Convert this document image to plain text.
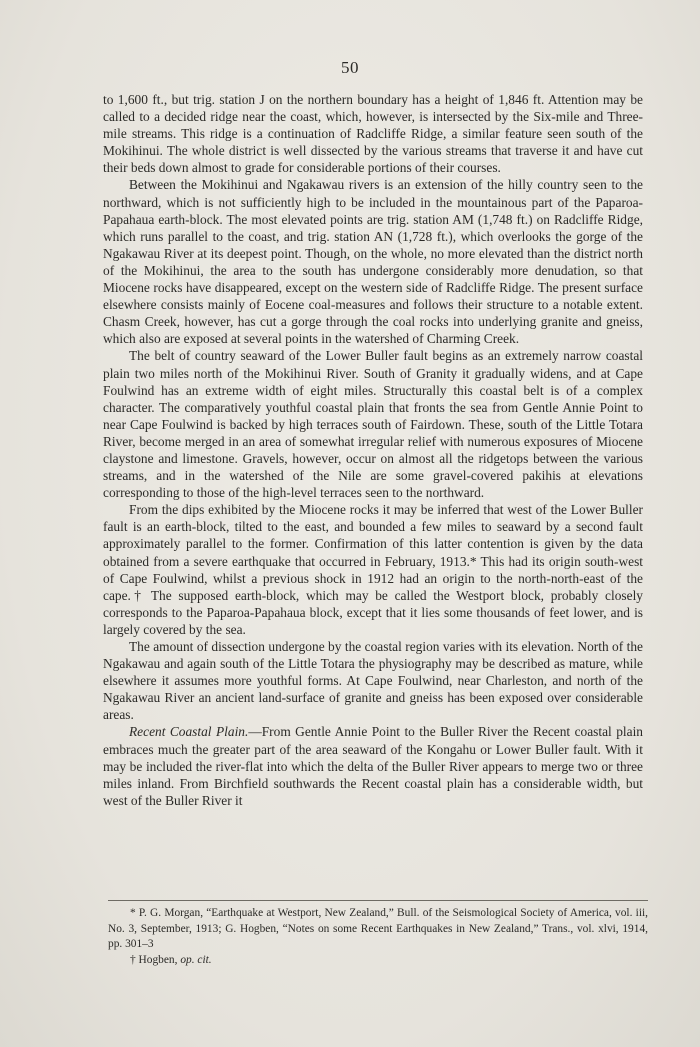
50

to 1,600 ft., but trig. station J on the northern boundary has a height of 1,846 ft. Attention may be called to a decided ridge near the coast, which, however, is intersected by the Six-mile and Three-mile streams. This ridge is a continuation of Radcliffe Ridge, a similar feature seen south of the Mokihinui. The whole district is well dissected by the various streams that traverse it and have cut their beds down almost to grade for considerable portions of their courses.

Between the Mokihinui and Ngakawau rivers is an extension of the hilly country seen to the northward, which is not sufficiently high to be included in the mountainous part of the Paparoa-Papahaua earth-block. The most elevated points are trig. station AM (1,748 ft.) on Radcliffe Ridge, which runs parallel to the coast, and trig. station AN (1,728 ft.), which overlooks the gorge of the Ngakawau River at its deepest point. Though, on the whole, no more elevated than the district north of the Mokihinui, the area to the south has undergone considerably more denudation, so that Miocene rocks have disappeared, except on the western side of Radcliffe Ridge. The present surface elsewhere consists mainly of Eocene coal-measures and follows their structure to a notable extent. Chasm Creek, however, has cut a gorge through the coal rocks into underlying granite and gneiss, which also are exposed at several points in the watershed of Charming Creek.

The belt of country seaward of the Lower Buller fault begins as an extremely narrow coastal plain two miles north of the Mokihinui River. South of Granity it gradually widens, and at Cape Foulwind has an extreme width of eight miles. Structurally this coastal belt is of a complex character. The comparatively youthful coastal plain that fronts the sea from Gentle Annie Point to near Cape Foulwind is backed by high terraces south of Fairdown. These, south of the Little Totara River, become merged in an area of somewhat irregular relief with numerous exposures of Miocene claystone and limestone. Gravels, however, occur on almost all the ridgetops between the various streams, and in the watershed of the Nile are some gravel-covered pakihis at elevations corresponding to those of the high-level terraces seen to the northward.

From the dips exhibited by the Miocene rocks it may be inferred that west of the Lower Buller fault is an earth-block, tilted to the east, and bounded a few miles to seaward by a second fault approximately parallel to the former. Confirmation of this latter contention is given by the data obtained from a severe earthquake that occurred in February, 1913.* This had its origin south-west of Cape Foulwind, whilst a previous shock in 1912 had an origin to the north-north-east of the cape.† The supposed earth-block, which may be called the Westport block, probably closely corresponds to the Paparoa-Papahaua block, except that it lies some thousands of feet lower, and is largely covered by the sea.

The amount of dissection undergone by the coastal region varies with its elevation. North of the Ngakawau and again south of the Little Totara the physiography may be described as mature, while elsewhere it assumes more youthful forms. At Cape Foulwind, near Charleston, and north of the Ngakawau River an ancient land-surface of granite and gneiss has been exposed over considerable areas.

Recent Coastal Plain.—From Gentle Annie Point to the Buller River the Recent coastal plain embraces much the greater part of the area seaward of the Kongahu or Lower Buller fault. With it may be included the river-flat into which the delta of the Buller River appears to merge two or three miles inland. From Birchfield southwards the Recent coastal plain has a considerable width, but west of the Buller River it

* P. G. Morgan, “Earthquake at Westport, New Zealand,” Bull. of the Seismological Society of America, vol. iii, No. 3, September, 1913; G. Hogben, “Notes on some Recent Earthquakes in New Zealand,” Trans., vol. xlvi, 1914, pp. 301–3

† Hogben, op. cit.
